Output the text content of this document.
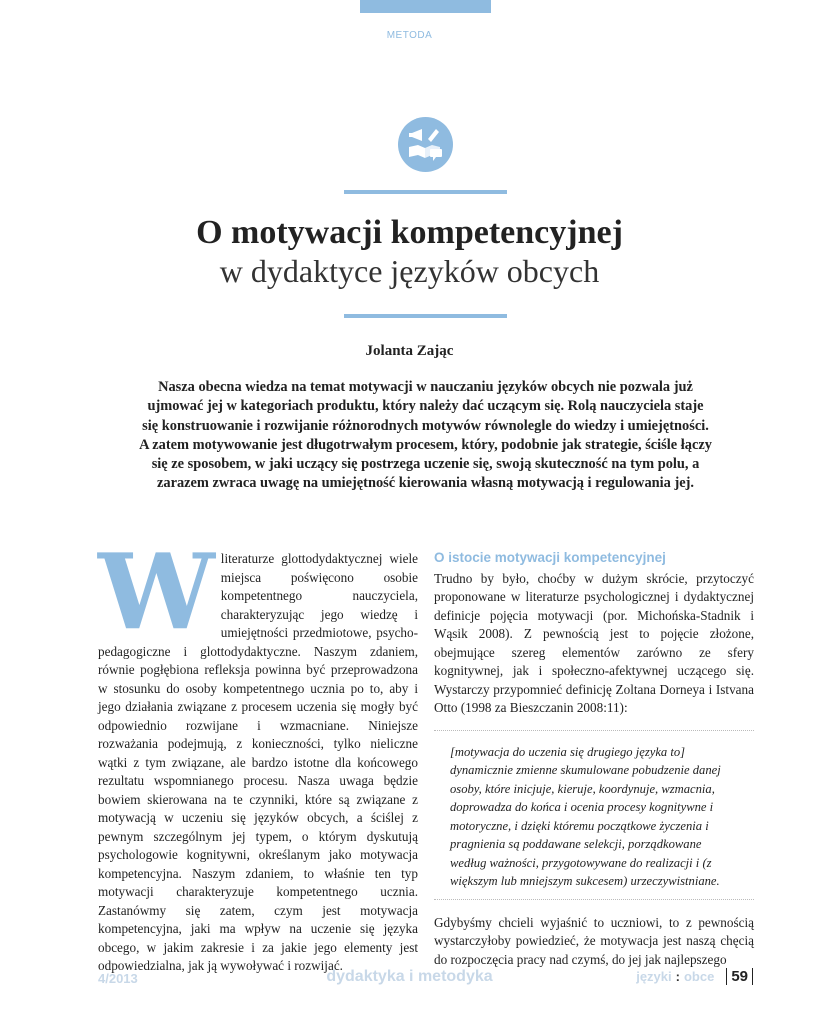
METODA
O motywacji kompetencyjnej
w dydaktyce języków obcych
Jolanta Zając
Nasza obecna wiedza na temat motywacji w nauczaniu języków obcych nie pozwala już ujmować jej w kategoriach produktu, który należy dać uczącym się. Rolą nauczyciela staje się konstruowanie i rozwijanie różnorodnych motywów równolegle do wiedzy i umiejętności. A zatem motywowanie jest długotrwałym procesem, który, podobnie jak strategie, ściśle łączy się ze sposobem, w jaki uczący się postrzega uczenie się, swoją skuteczność na tym polu, a zarazem zwraca uwagę na umiejętność kierowania własną motywacją i regulowania jej.
W literaturze glottodydaktycznej wiele miejsca poświęcono osobie kompetentnego nauczyciela, charakteryzując jego wiedzę i umiejętności przedmiotowe, psycho-pedagogiczne i glottodydaktyczne. Naszym zdaniem, równie pogłębiona refleksja powinna być przeprowadzona w stosunku do osoby kompetentnego ucznia po to, aby i jego działania związane z procesem uczenia się mogły być odpowiednio rozwijane i wzmacniane. Niniejsze rozważania podejmują, z konieczności, tylko nieliczne wątki z tym związane, ale bardzo istotne dla końcowego rezultatu wspomnianego procesu. Nasza uwaga będzie bowiem skierowana na te czynniki, które są związane z motywacją w uczeniu się języków obcych, a ściślej z pewnym szczególnym jej typem, o którym dyskutują psychologowie kognitywni, określanym jako motywacja kompetencyjna. Naszym zdaniem, to właśnie ten typ motywacji charakteryzuje kompetentnego ucznia. Zastanówmy się zatem, czym jest motywacja kompetencyjna, jaki ma wpływ na uczenie się języka obcego, w jakim zakresie i za jakie jego elementy jest odpowiedzialna, jak ją wywoływać i rozwijać.
O istocie motywacji kompetencyjnej

Trudno by było, choćby w dużym skrócie, przytoczyć proponowane w literaturze psychologicznej i dydaktycznej definicje pojęcia motywacji (por. Michońska-Stadnik i Wąsik 2008). Z pewnością jest to pojęcie złożone, obejmujące szereg elementów zarówno ze sfery kognitywnej, jak i społeczno-afektywnej uczącego się. Wystarczy przypomnieć definicję Zoltana Dorneya i Istvana Otto (1998 za Bieszczanin 2008:11):

[motywacja do uczenia się drugiego języka to] dynamicznie zmienne skumulowane pobudzenie danej osoby, które inicjuje, kieruje, koordynuje, wzmacnia, doprowadza do końca i ocenia procesy kognitywne i motoryczne, i dzięki któremu początkowe życzenia i pragnienia są poddawane selekcji, porządkowane według ważności, przygotowywane do realizacji i (z większym lub mniejszym sukcesem) urzeczywistniane.

Gdybyśmy chcieli wyjaśnić to uczniowi, to z pewnością wystarczyłoby powiedzieć, że motywacja jest naszą chęcią do rozpoczęcia pracy nad czymś, do jej jak najlepszego

4/2013	dydaktyka i metodyka	języki : obce	59
